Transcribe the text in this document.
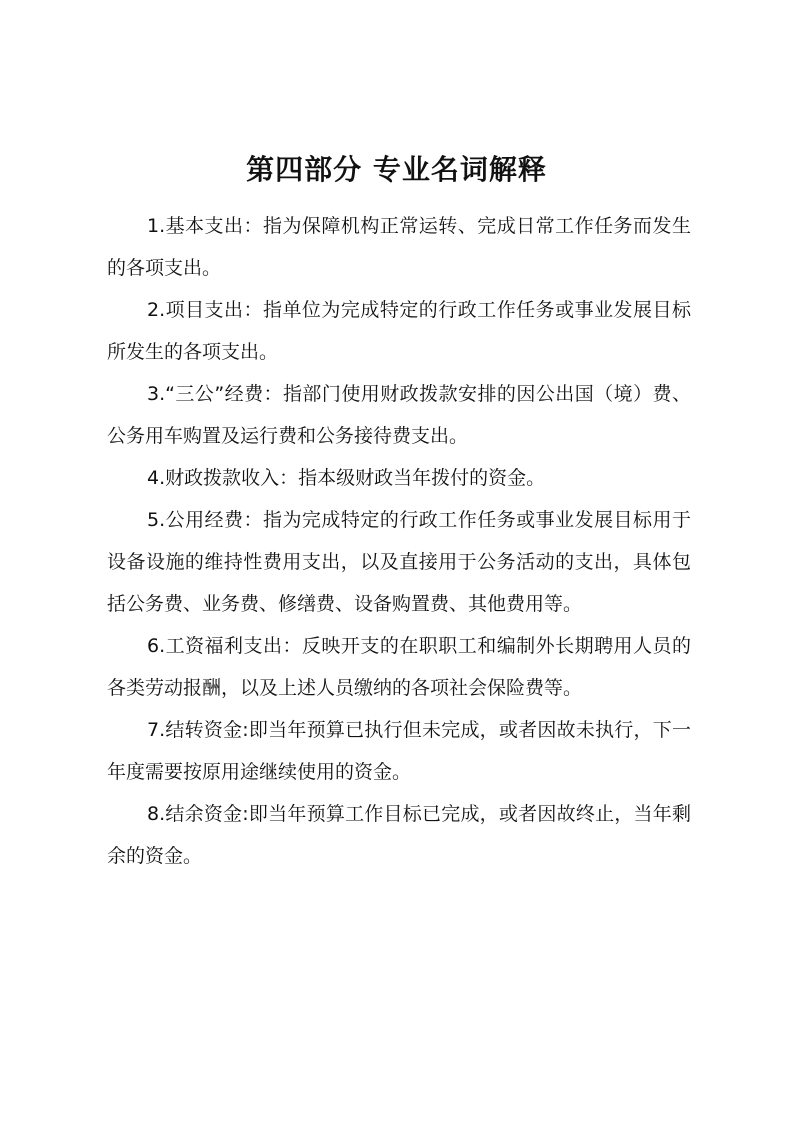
第四部分 专业名词解释

1.基本支出：指为保障机构正常运转、完成日常工作任务而发生的各项支出。

2.项目支出：指单位为完成特定的行政工作任务或事业发展目标所发生的各项支出。

3.“三公”经费：指部门使用财政拨款安排的因公出国（境）费、公务用车购置及运行费和公务接待费支出。

4.财政拨款收入：指本级财政当年拨付的资金。

5.公用经费：指为完成特定的行政工作任务或事业发展目标用于设备设施的维持性费用支出，以及直接用于公务活动的支出，具体包括公务费、业务费、修缮费、设备购置费、其他费用等。

6.工资福利支出：反映开支的在职职工和编制外长期聘用人员的各类劳动报酬，以及上述人员缴纳的各项社会保险费等。

7.结转资金:即当年预算已执行但未完成，或者因故未执行，下一年度需要按原用途继续使用的资金。

8.结余资金:即当年预算工作目标已完成，或者因故终止，当年剩余的资金。
